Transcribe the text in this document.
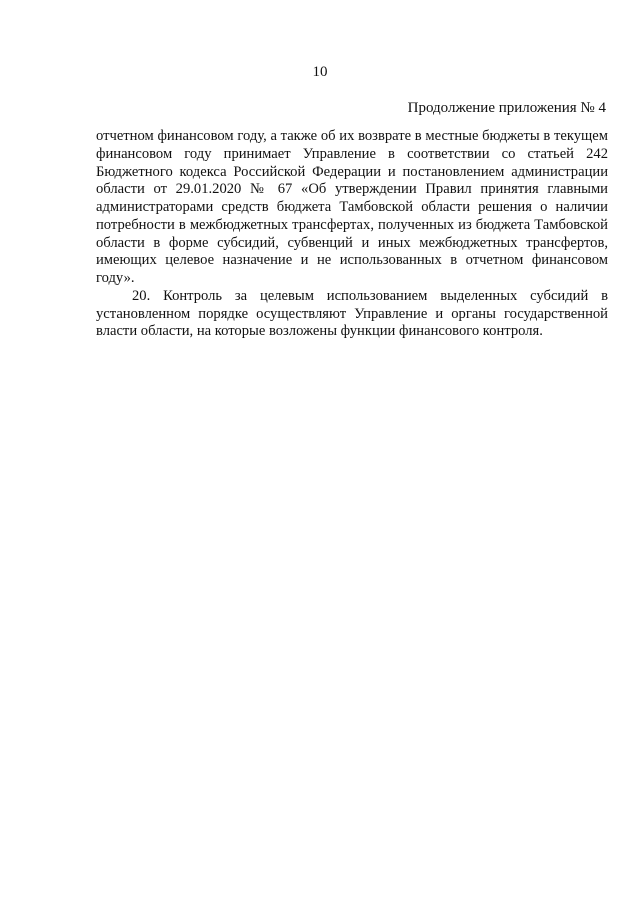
10
Продолжение приложения № 4

отчетном финансовом году, а также об их возврате в местные бюджеты в текущем финансовом году принимает Управление в соответствии со статьей 242 Бюджетного кодекса Российской Федерации и постановлением администрации области от 29.01.2020 № 67 «Об утверждении Правил принятия главными администраторами средств бюджета Тамбовской области решения о наличии потребности в межбюджетных трансфертах, полученных из бюджета Тамбовской области в форме субсидий, субвенций и иных межбюджетных трансфертов, имеющих целевое назначение и не использованных в отчетном финансовом году».

20. Контроль за целевым использованием выделенных субсидий в установленном порядке осуществляют Управление и органы государственной власти области, на которые возложены функции финансового контроля.
